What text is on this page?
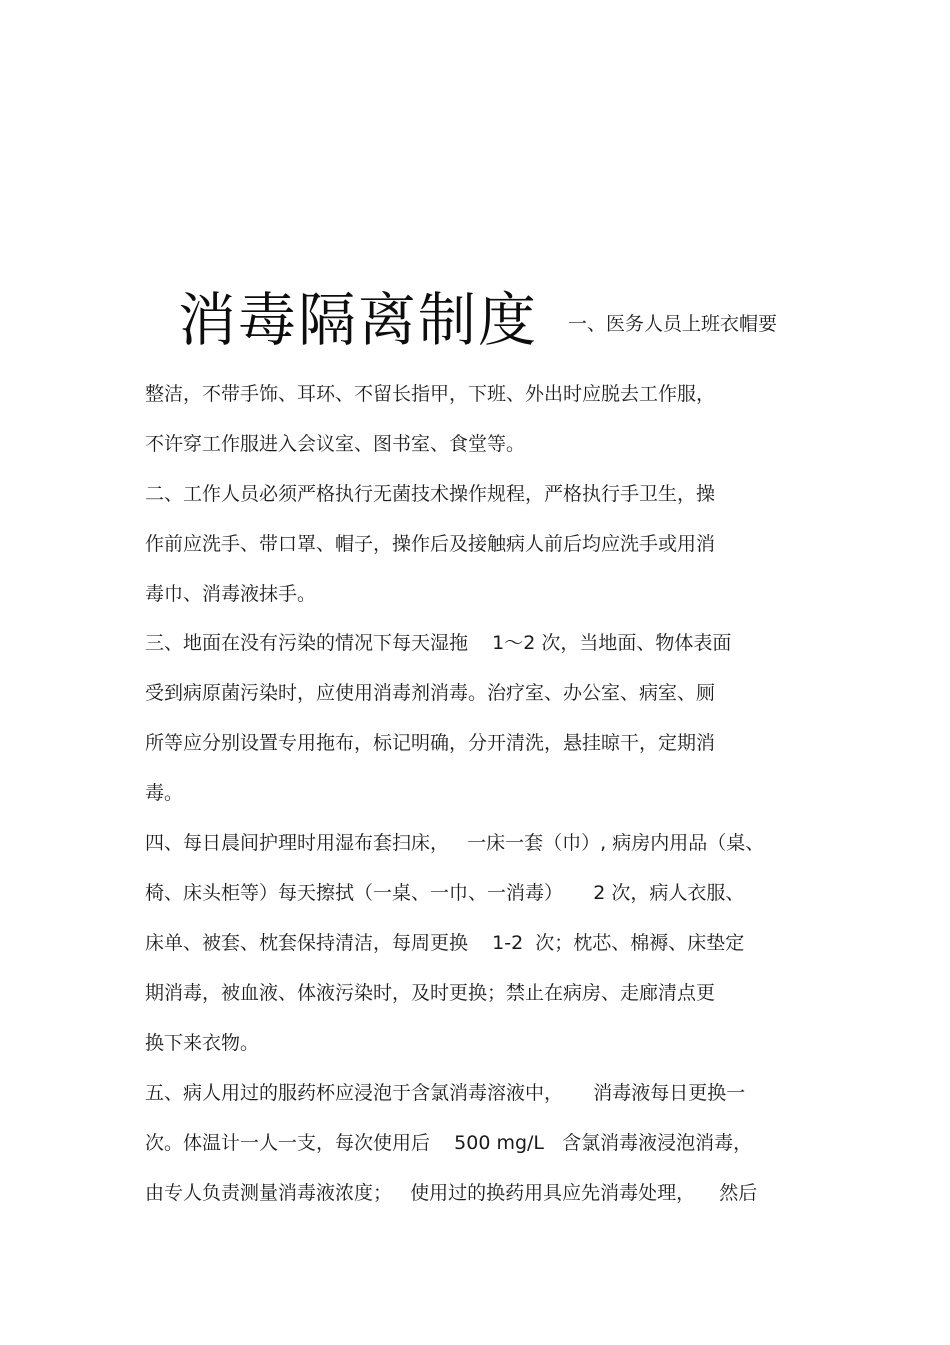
消毒隔离制度 一、医务人员上班衣帽要
整洁，不带手饰、耳环、不留长指甲，下班、外出时应脱去工作服，
不许穿工作服进入会议室、图书室、食堂等。
二、工作人员必须严格执行无菌技术操作规程，严格执行手卫生，操
作前应洗手、带口罩、帽子，操作后及接触病人前后均应洗手或用消
毒巾、消毒液抹手。
三、地面在没有污染的情况下每天湿拖    1～2 次，当地面、物体表面
受到病原菌污染时，应使用消毒剂消毒。治疗室、办公室、病室、厕
所等应分别设置专用拖布，标记明确，分开清洗，悬挂晾干，定期消
毒。
四、每日晨间护理时用湿布套扫床，   一床一套（巾）, 病房内用品（桌、
椅、床头柜等）每天擦拭（一桌、一巾、一消毒）     2 次，病人衣服、
床单、被套、枕套保持清洁，每周更换    1-2  次；枕芯、棉褥、床垫定
期消毒，被血液、体液污染时，及时更换；禁止在病房、走廊清点更
换下来衣物。
五、病人用过的服药杯应浸泡于含氯消毒溶液中，     消毒液每日更换一
次。体温计一人一支，每次使用后    500 mg/L   含氯消毒液浸泡消毒，
由专人负责测量消毒液浓度；   使用过的换药用具应先消毒处理，    然后
